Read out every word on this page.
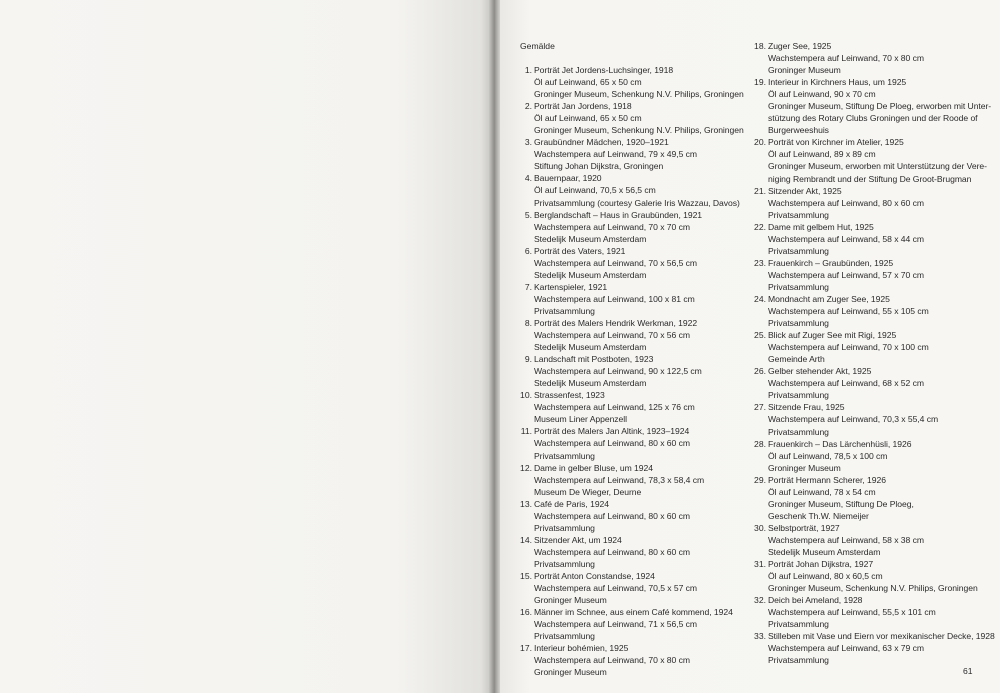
Gemälde
1. Porträt Jet Jordens-Luchsinger, 1918
Öl auf Leinwand, 65 x 50 cm
Groninger Museum, Schenkung N.V. Philips, Groningen
2. Porträt Jan Jordens, 1918
Öl auf Leinwand, 65 x 50 cm
Groninger Museum, Schenkung N.V. Philips, Groningen
3. Graubündner Mädchen, 1920–1921
Wachstempera auf Leinwand, 79 x 49,5 cm
Stiftung Johan Dijkstra, Groningen
4. Bauernpaar, 1920
Öl auf Leinwand, 70,5 x 56,5 cm
Privatsammlung (courtesy Galerie Iris Wazzau, Davos)
5. Berglandschaft – Haus in Graubünden, 1921
Wachstempera auf Leinwand, 70 x 70 cm
Stedelijk Museum Amsterdam
6. Porträt des Vaters, 1921
Wachstempera auf Leinwand, 70 x 56,5 cm
Stedelijk Museum Amsterdam
7. Kartenspieler, 1921
Wachstempera auf Leinwand, 100 x 81 cm
Privatsammlung
8. Porträt des Malers Hendrik Werkman, 1922
Wachstempera auf Leinwand, 70 x 56 cm
Stedelijk Museum Amsterdam
9. Landschaft mit Postboten, 1923
Wachstempera auf Leinwand, 90 x 122,5 cm
Stedelijk Museum Amsterdam
10. Strassenfest, 1923
Wachstempera auf Leinwand, 125 x 76 cm
Museum Liner Appenzell
11. Porträt des Malers Jan Altink, 1923–1924
Wachstempera auf Leinwand, 80 x 60 cm
Privatsammlung
12. Dame in gelber Bluse, um 1924
Wachstempera auf Leinwand, 78,3 x 58,4 cm
Museum De Wieger, Deurne
13. Café de Paris, 1924
Wachstempera auf Leinwand, 80 x 60 cm
Privatsammlung
14. Sitzender Akt, um 1924
Wachstempera auf Leinwand, 80 x 60 cm
Privatsammlung
15. Porträt Anton Constandse, 1924
Wachstempera auf Leinwand, 70,5 x 57 cm
Groninger Museum
16. Männer im Schnee, aus einem Café kommend, 1924
Wachstempera auf Leinwand, 71 x 56,5 cm
Privatsammlung
17. Interieur bohémien, 1925
Wachstempera auf Leinwand, 70 x 80 cm
Groninger Museum
18. Zuger See, 1925
Wachstempera auf Leinwand, 70 x 80 cm
Groninger Museum
19. Interieur in Kirchners Haus, um 1925
Öl auf Leinwand, 90 x 70 cm
Groninger Museum, Stiftung De Ploeg, erworben mit Unter-
stützung des Rotary Clubs Groningen und der Roode of
Burgerweeshuis
20. Porträt von Kirchner im Atelier, 1925
Öl auf Leinwand, 89 x 89 cm
Groninger Museum, erworben mit Unterstützung der Vere-
niging Rembrandt und der Stiftung De Groot-Brugman
21. Sitzender Akt, 1925
Wachstempera auf Leinwand, 80 x 60 cm
Privatsammlung
22. Dame mit gelbem Hut, 1925
Wachstempera auf Leinwand, 58 x 44 cm
Privatsammlung
23. Frauenkirch – Graubünden, 1925
Wachstempera auf Leinwand, 57 x 70 cm
Privatsammlung
24. Mondnacht am Zuger See, 1925
Wachstempera auf Leinwand, 55 x 105 cm
Privatsammlung
25. Blick auf Zuger See mit Rigi, 1925
Wachstempera auf Leinwand, 70 x 100 cm
Gemeinde Arth
26. Gelber stehender Akt, 1925
Wachstempera auf Leinwand, 68 x 52 cm
Privatsammlung
27. Sitzende Frau, 1925
Wachstempera auf Leinwand, 70,3 x 55,4 cm
Privatsammlung
28. Frauenkirch – Das Lärchenhüsli, 1926
Öl auf Leinwand, 78,5 x 100 cm
Groninger Museum
29. Porträt Hermann Scherer, 1926
Öl auf Leinwand, 78 x 54 cm
Groninger Museum, Stiftung De Ploeg,
Geschenk Th.W. Niemeijer
30. Selbstporträt, 1927
Wachstempera auf Leinwand, 58 x 38 cm
Stedelijk Museum Amsterdam
31. Porträt Johan Dijkstra, 1927
Öl auf Leinwand, 80 x 60,5 cm
Groninger Museum, Schenkung N.V. Philips, Groningen
32. Deich bei Ameland, 1928
Wachstempera auf Leinwand, 55,5 x 101 cm
Privatsammlung
33. Stilleben mit Vase und Eiern vor mexikanischer Decke, 1928
Wachstempera auf Leinwand, 63 x 79 cm
Privatsammlung
61
